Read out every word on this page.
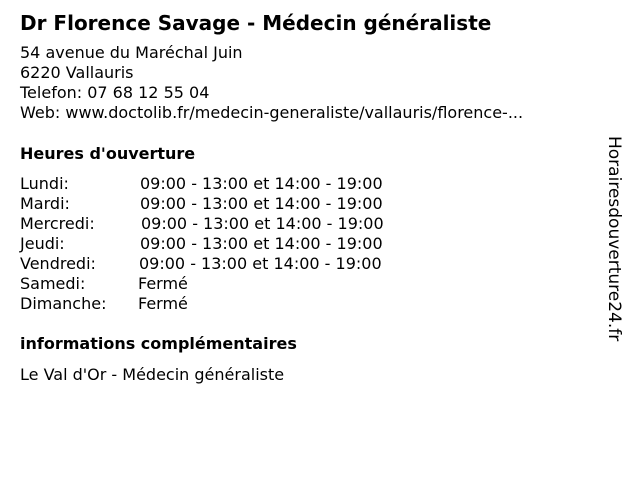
Dr Florence Savage - Médecin généraliste
54 avenue du Maréchal Juin
6220 Vallauris
Telefon: 07 68 12 55 04
Web: www.doctolib.fr/medecin-generaliste/vallauris/florence-...
Heures d'ouverture
Lundi:	09:00 - 13:00 et 14:00 - 19:00
Mardi:	09:00 - 13:00 et 14:00 - 19:00
Mercredi:	09:00 - 13:00 et 14:00 - 19:00
Jeudi:	09:00 - 13:00 et 14:00 - 19:00
Vendredi:	09:00 - 13:00 et 14:00 - 19:00
Samedi:	Fermé
Dimanche: Fermé
informations complémentaires
Le Val d'Or - Médecin généraliste
Horairesdouverture24.fr
